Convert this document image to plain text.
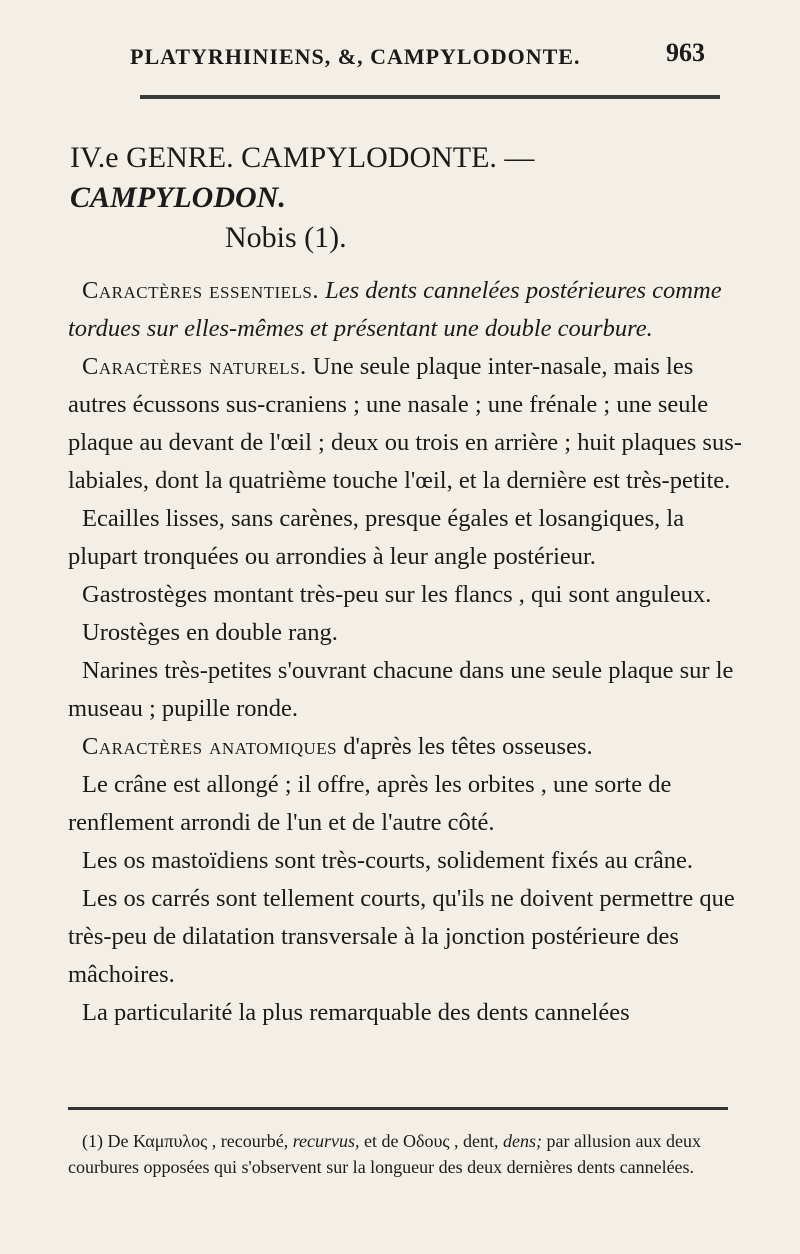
PLATYRHINIENS, &, CAMPYLODONTE.	963
IV.e GENRE. CAMPYLODONTE. — CAMPYLODON.
Nobis (1).

Caractères essentiels. Les dents cannelées postérieures comme tordues sur elles-mêmes et présentant une double courbure.

Caractères naturels. Une seule plaque inter-nasale, mais les autres écussons sus-craniens ; une nasale ; une frénale ; une seule plaque au devant de l'œil ; deux ou trois en arrière ; huit plaques sus-labiales, dont la quatrième touche l'œil, et la dernière est très-petite.

Ecailles lisses, sans carènes, presque égales et losangiques, la plupart tronquées ou arrondies à leur angle postérieur.

Gastrostèges montant très-peu sur les flancs , qui sont anguleux.

Urostèges en double rang.

Narines très-petites s'ouvrant chacune dans une seule plaque sur le museau ; pupille ronde.

Caractères anatomiques d'après les têtes osseuses.

Le crâne est allongé ; il offre, après les orbites , une sorte de renflement arrondi de l'un et de l'autre côté.

Les os mastoïdiens sont très-courts, solidement fixés au crâne.

Les os carrés sont tellement courts, qu'ils ne doivent permettre que très-peu de dilatation transversale à la jonction postérieure des mâchoires.

La particularité la plus remarquable des dents cannelées

(1) De Καμπυλος , recourbé, recurvus, et de Οδους , dent, dens; par allusion aux deux courbures opposées qui s'observent sur la longueur des deux dernières dents cannelées.
